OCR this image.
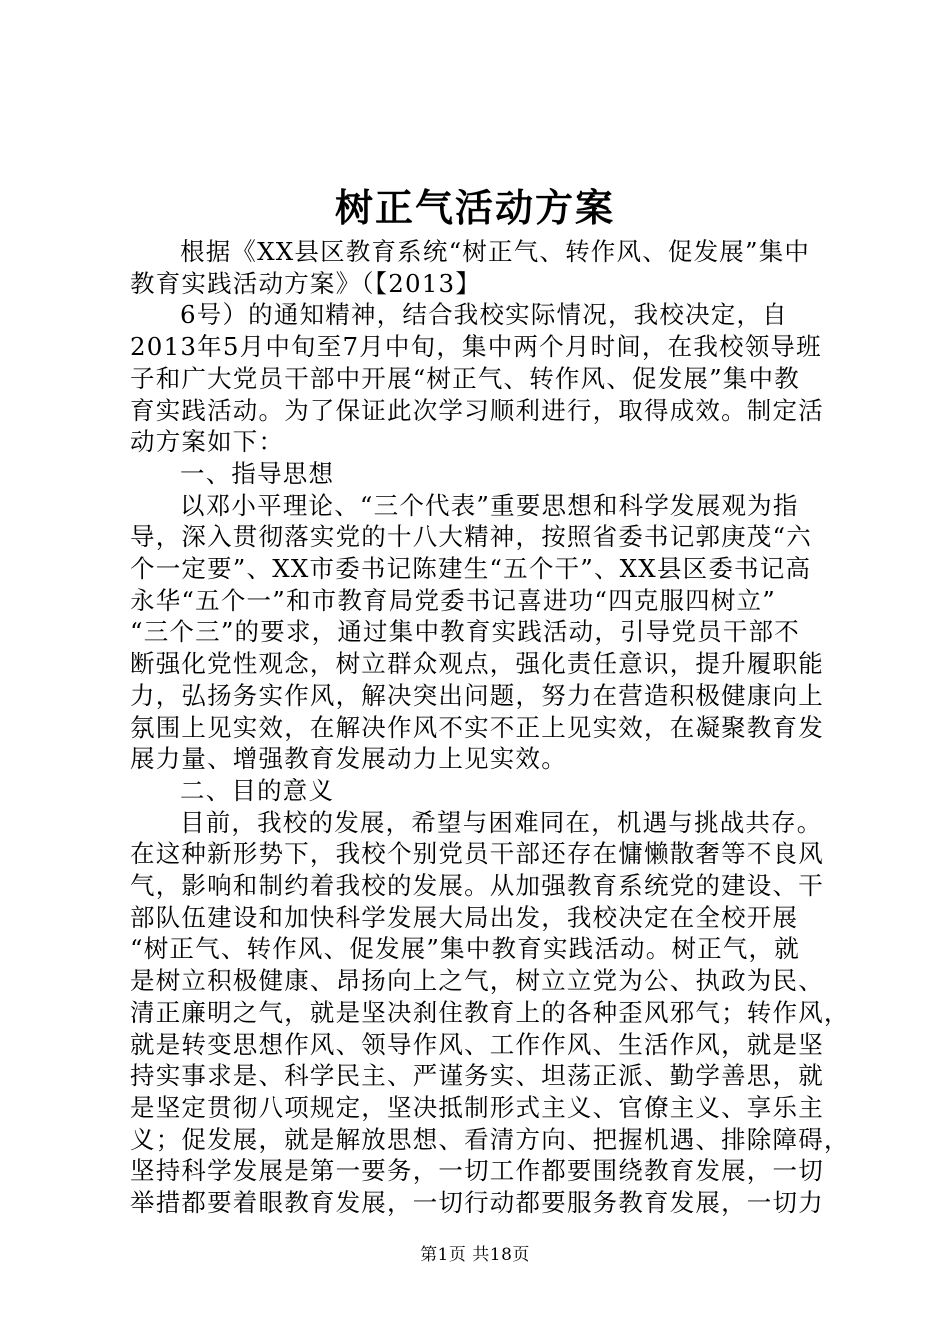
树正气活动方案

根据《XX县区教育系统“树正气、转作风、促发展”集中

教育实践活动方案》（【2013】

6号）的通知精神，结合我校实际情况，我校决定，自

2013年5月中旬至7月中旬，集中两个月时间，在我校领导班

子和广大党员干部中开展“树正气、转作风、促发展”集中教

育实践活动。为了保证此次学习顺利进行，取得成效。制定活

动方案如下：

一、指导思想

以邓小平理论、“三个代表”重要思想和科学发展观为指

导，深入贯彻落实党的十八大精神，按照省委书记郭庚茂“六

个一定要”、XX市委书记陈建生“五个干”、XX县区委书记高

永华“五个一”和市教育局党委书记喜进功“四克服四树立”

“三个三”的要求，通过集中教育实践活动，引导党员干部不

断强化党性观念，树立群众观点，强化责任意识，提升履职能

力，弘扬务实作风，解决突出问题，努力在营造积极健康向上

氛围上见实效，在解决作风不实不正上见实效，在凝聚教育发

展力量、增强教育发展动力上见实效。

二、目的意义

目前，我校的发展，希望与困难同在，机遇与挑战共存。

在这种新形势下，我校个别党员干部还存在慵懒散奢等不良风

气，影响和制约着我校的发展。从加强教育系统党的建设、干

部队伍建设和加快科学发展大局出发，我校决定在全校开展

“树正气、转作风、促发展”集中教育实践活动。树正气，就

是树立积极健康、昂扬向上之气，树立立党为公、执政为民、

清正廉明之气，就是坚决刹住教育上的各种歪风邪气；转作风，

就是转变思想作风、领导作风、工作作风、生活作风，就是坚

持实事求是、科学民主、严谨务实、坦荡正派、勤学善思，就

是坚定贯彻八项规定，坚决抵制形式主义、官僚主义、享乐主

义；促发展，就是解放思想、看清方向、把握机遇、排除障碍，

坚持科学发展是第一要务，一切工作都要围绕教育发展，一切

举措都要着眼教育发展，一切行动都要服务教育发展，一切力

第1页 共18页
